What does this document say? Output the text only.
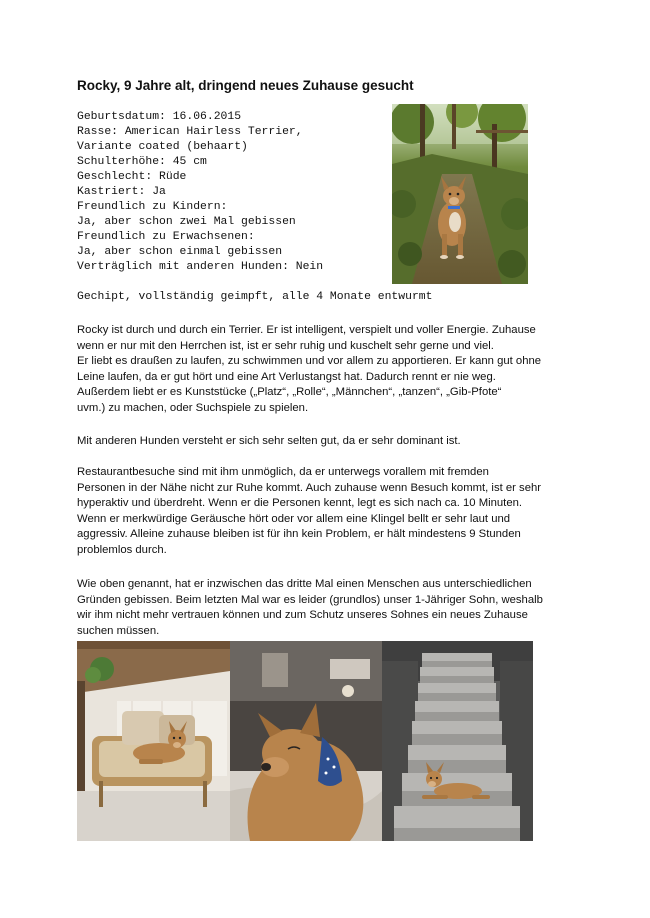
Rocky, 9 Jahre alt, dringend neues Zuhause gesucht
Geburtsdatum: 16.06.2015
Rasse: American Hairless Terrier,
Variante coated (behaart)
Schulterhöhe: 45 cm
Geschlecht: Rüde
Kastriert: Ja
Freundlich zu Kindern:
Ja, aber schon zwei Mal gebissen
Freundlich zu Erwachsenen:
Ja, aber schon einmal gebissen
Verträglich mit anderen Hunden: Nein
Gechipt, vollständig geimpft, alle 4 Monate entwurmt
Rocky ist durch und durch ein Terrier. Er ist intelligent, verspielt und voller Energie. Zuhause
wenn er nur mit den Herrchen ist, ist er sehr ruhig und kuschelt sehr gerne und viel.
Er liebt es draußen zu laufen, zu schwimmen und vor allem zu apportieren. Er kann gut ohne
Leine laufen, da er gut hört und eine Art Verlustangst hat. Dadurch rennt er nie weg.
Außerdem liebt er es Kunststücke („Platz“, „Rolle“, „Männchen“, „tanzen“, „Gib-Pfote“
uvm.) zu machen, oder Suchspiele zu spielen.
Mit anderen Hunden versteht er sich sehr selten gut, da er sehr dominant ist.
Restaurantbesuche sind mit ihm unmöglich, da er unterwegs vorallem mit fremden
Personen in der Nähe nicht zur Ruhe kommt. Auch zuhause wenn Besuch kommt, ist er sehr
hyperaktiv und überdreht. Wenn er die Personen kennt, legt es sich nach ca. 10 Minuten.
Wenn er merkwürdige Geräusche hört oder vor allem eine Klingel bellt er sehr laut und
aggressiv. Alleine zuhause bleiben ist für ihn kein Problem, er hält mindestens 9 Stunden
problemlos durch.
Wie oben genannt, hat er inzwischen das dritte Mal einen Menschen aus unterschiedlichen
Gründen gebissen. Beim letzten Mal war es leider (grundlos) unser 1-Jähriger Sohn, weshalb
wir ihm nicht mehr vertrauen können und zum Schutz unseres Sohnes ein neues Zuhause
suchen müssen.
